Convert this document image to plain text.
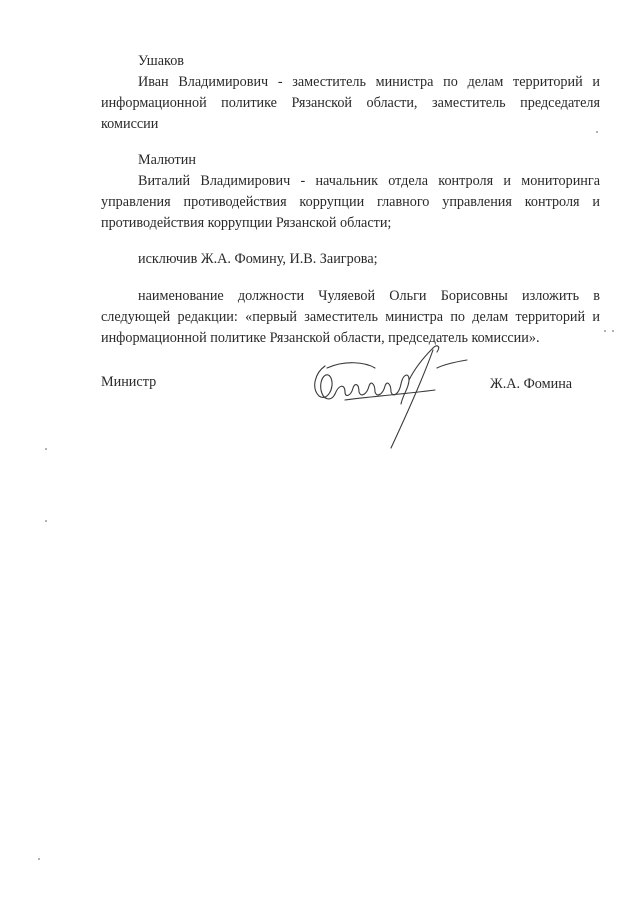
Ушаков
Иван Владимирович - заместитель министра по делам территорий и
информационной политике Рязанской области, заместитель председателя
комиссии
Малютин
Виталий Владимирович - начальник отдела контроля и мониторинга
управления противодействия коррупции главного управления контроля и
противодействия коррупции Рязанской области;
исключив Ж.А. Фомину, И.В. Заигрова;
наименование должности Чуляевой Ольги Борисовны изложить в
следующей редакции: «первый заместитель министра по делам территорий и
информационной политике Рязанской области, председатель комиссии».
Министр	Ж.А. Фомина
